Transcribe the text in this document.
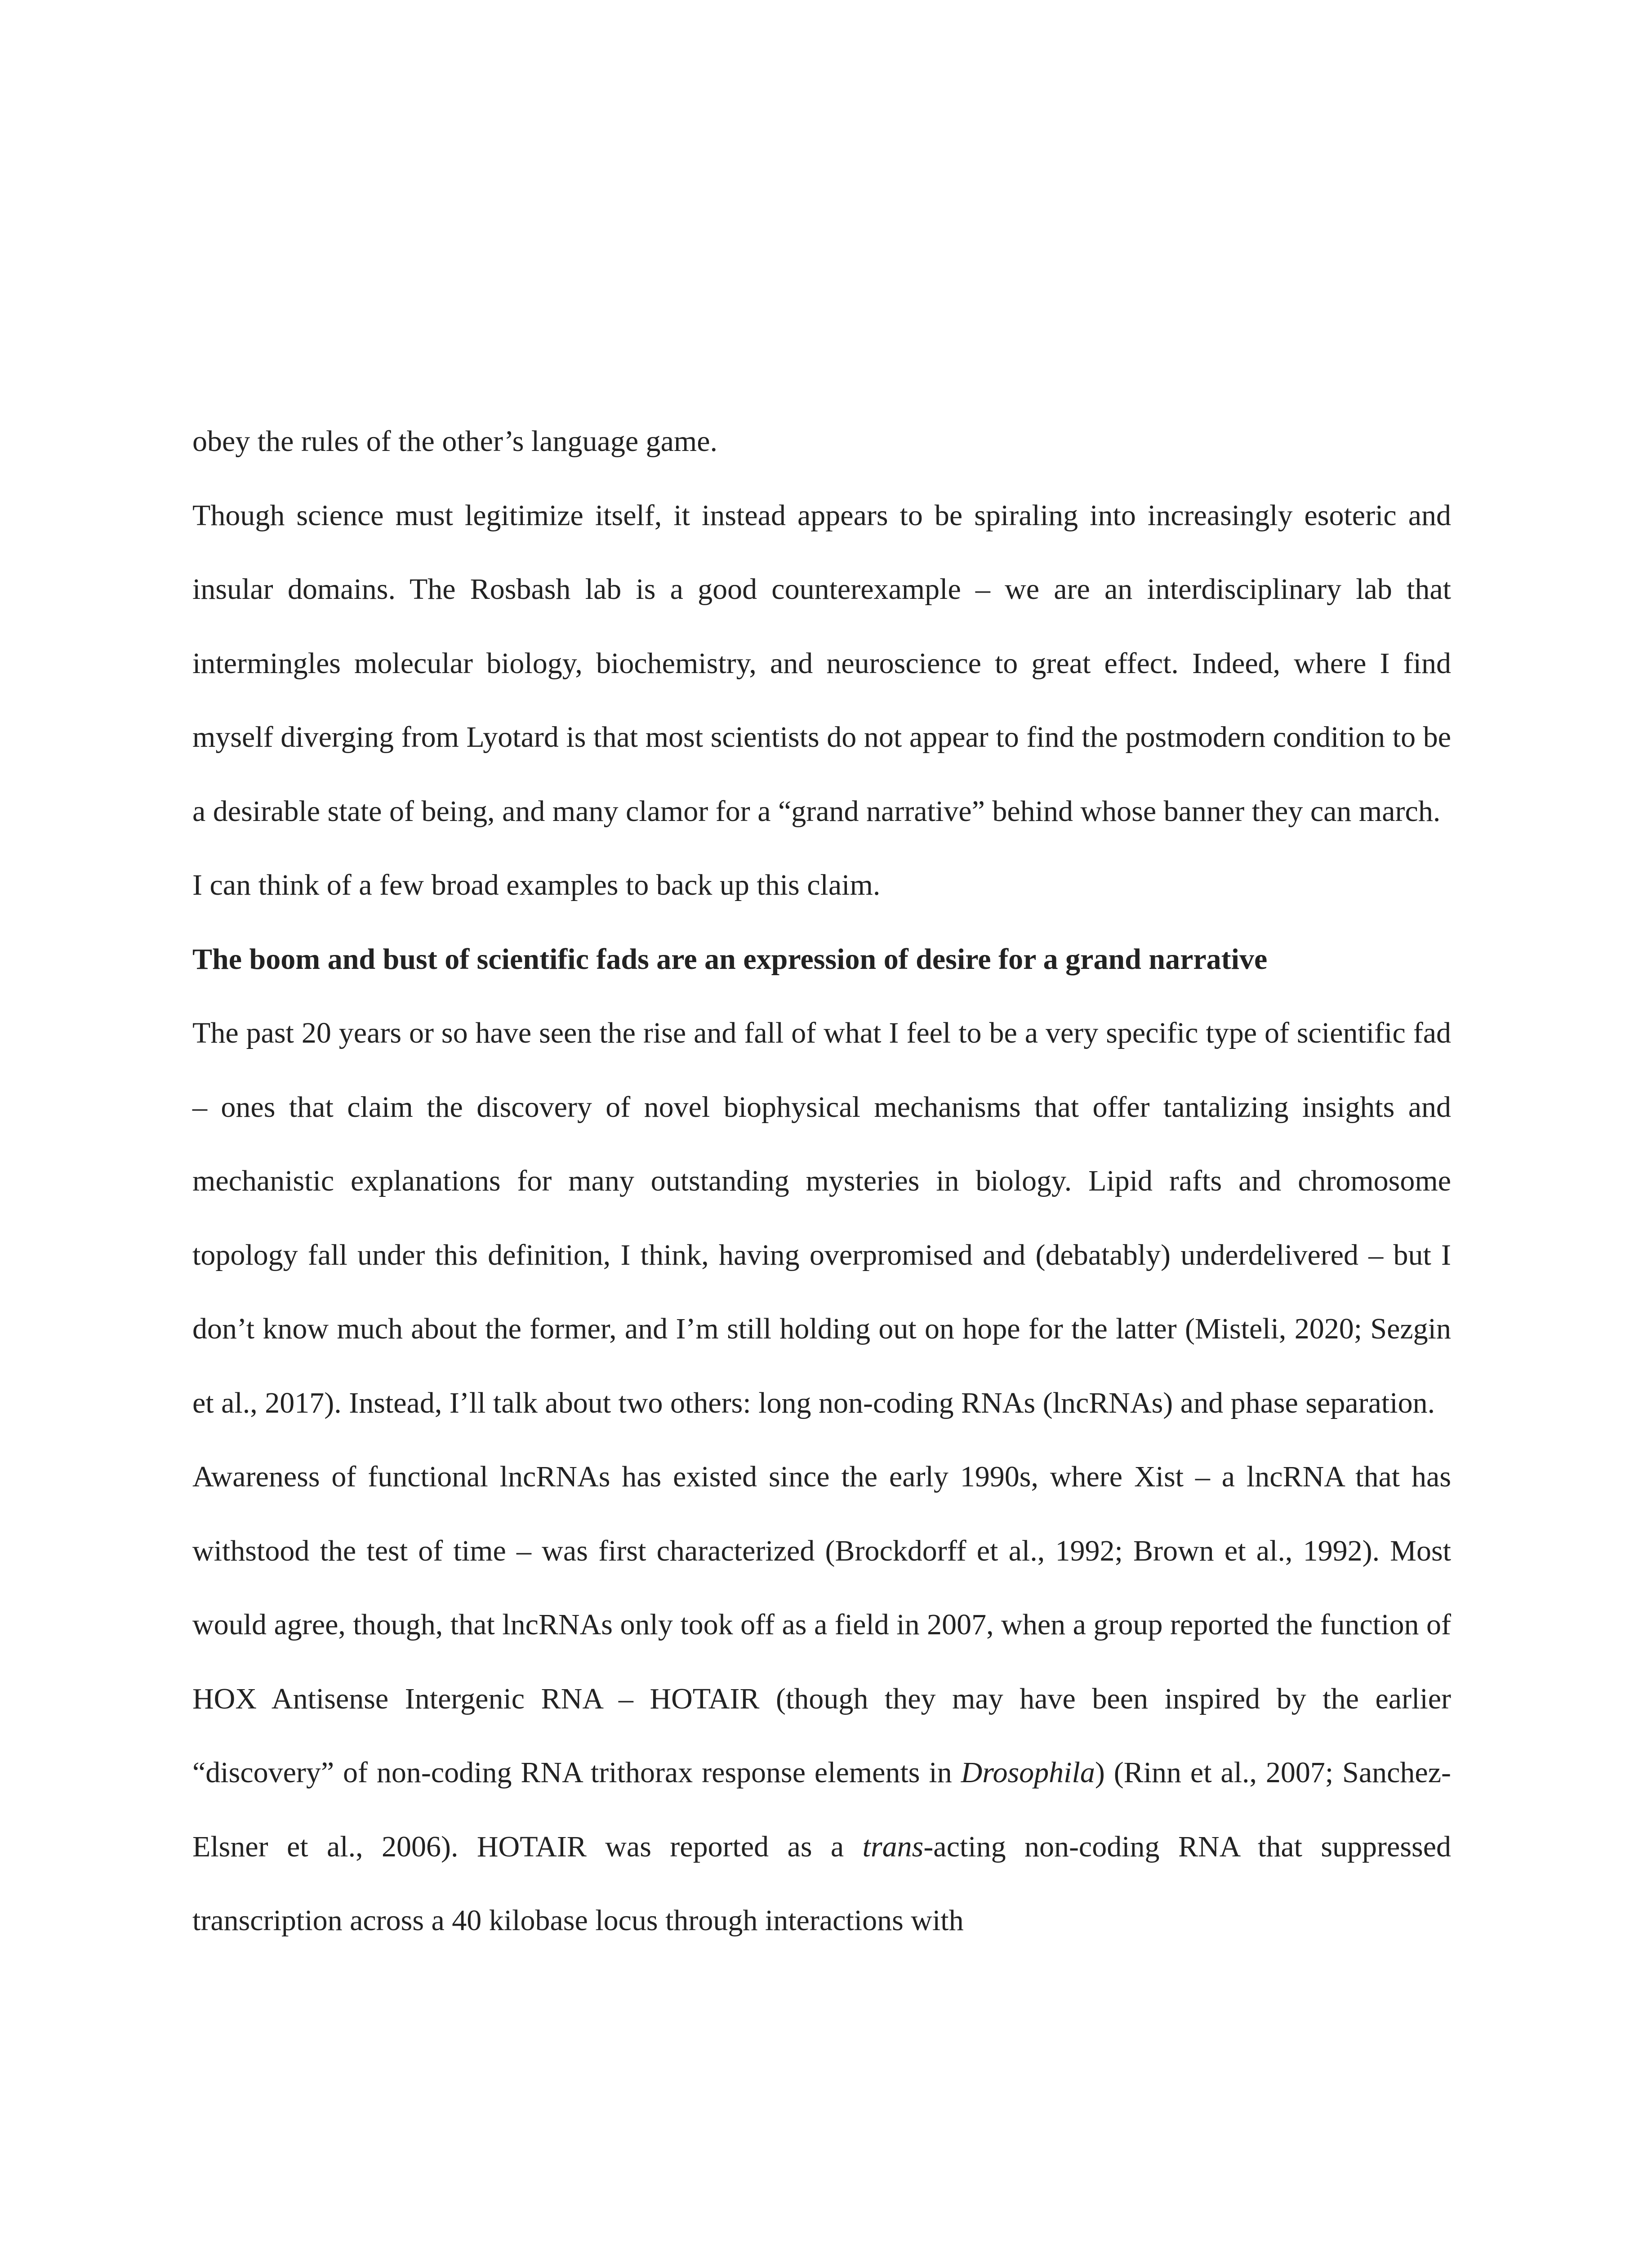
obey the rules of the other’s language game.

Though science must legitimize itself, it instead appears to be spiraling into increasingly esoteric and insular domains. The Rosbash lab is a good counterexample – we are an interdisciplinary lab that intermingles molecular biology, biochemistry, and neuroscience to great effect. Indeed, where I find myself diverging from Lyotard is that most scientists do not appear to find the postmodern condition to be a desirable state of being, and many clamor for a “grand narrative” behind whose banner they can march.

I can think of a few broad examples to back up this claim.

The boom and bust of scientific fads are an expression of desire for a grand narrative

The past 20 years or so have seen the rise and fall of what I feel to be a very specific type of scientific fad – ones that claim the discovery of novel biophysical mechanisms that offer tantalizing insights and mechanistic explanations for many outstanding mysteries in biology. Lipid rafts and chromosome topology fall under this definition, I think, having overpromised and (debatably) underdelivered – but I don’t know much about the former, and I’m still holding out on hope for the latter (Misteli, 2020; Sezgin et al., 2017). Instead, I’ll talk about two others: long non-coding RNAs (lncRNAs) and phase separation.

Awareness of functional lncRNAs has existed since the early 1990s, where Xist – a lncRNA that has withstood the test of time – was first characterized (Brockdorff et al., 1992; Brown et al., 1992). Most would agree, though, that lncRNAs only took off as a field in 2007, when a group reported the function of HOX Antisense Intergenic RNA – HOTAIR (though they may have been inspired by the earlier “discovery” of non-coding RNA trithorax response elements in Drosophila) (Rinn et al., 2007; Sanchez-Elsner et al., 2006). HOTAIR was reported as a trans-acting non-coding RNA that suppressed transcription across a 40 kilobase locus through interactions with
